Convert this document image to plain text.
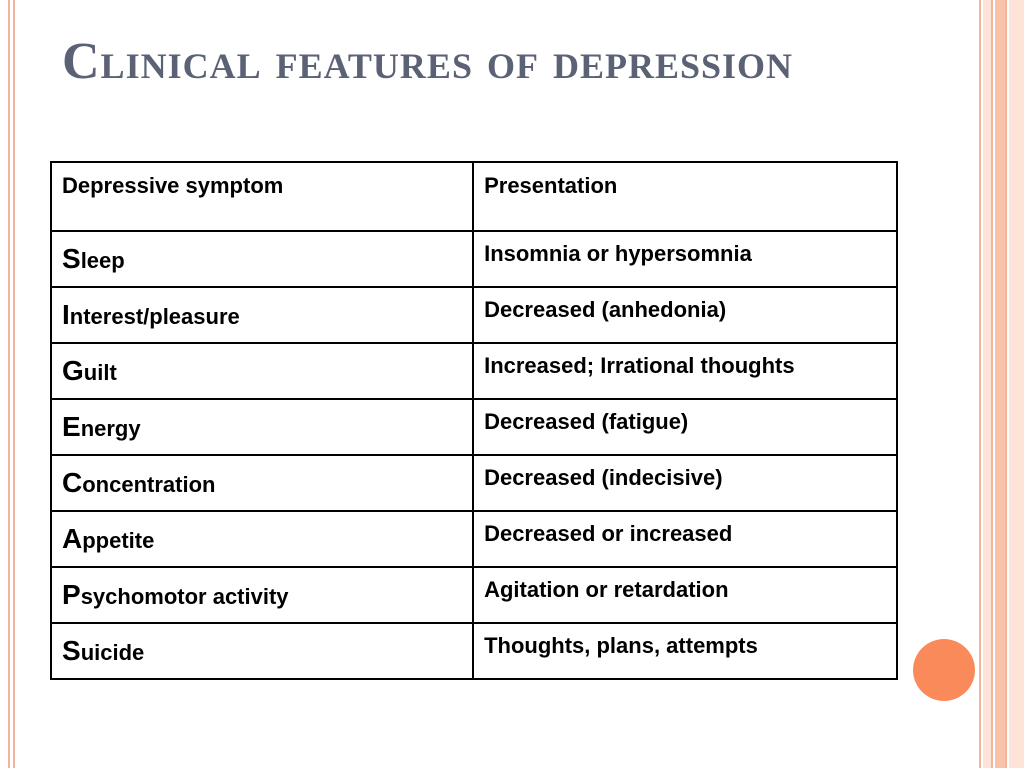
Clinical features of depression
Depressive symptom	Presentation

Sleep	Insomnia or hypersomnia

Interest/pleasure	Decreased (anhedonia)

Guilt	Increased; Irrational thoughts

Energy	Decreased (fatigue)

Concentration	Decreased (indecisive)

Appetite	Decreased or increased

Psychomotor activity	Agitation or retardation

Suicide	Thoughts, plans, attempts
